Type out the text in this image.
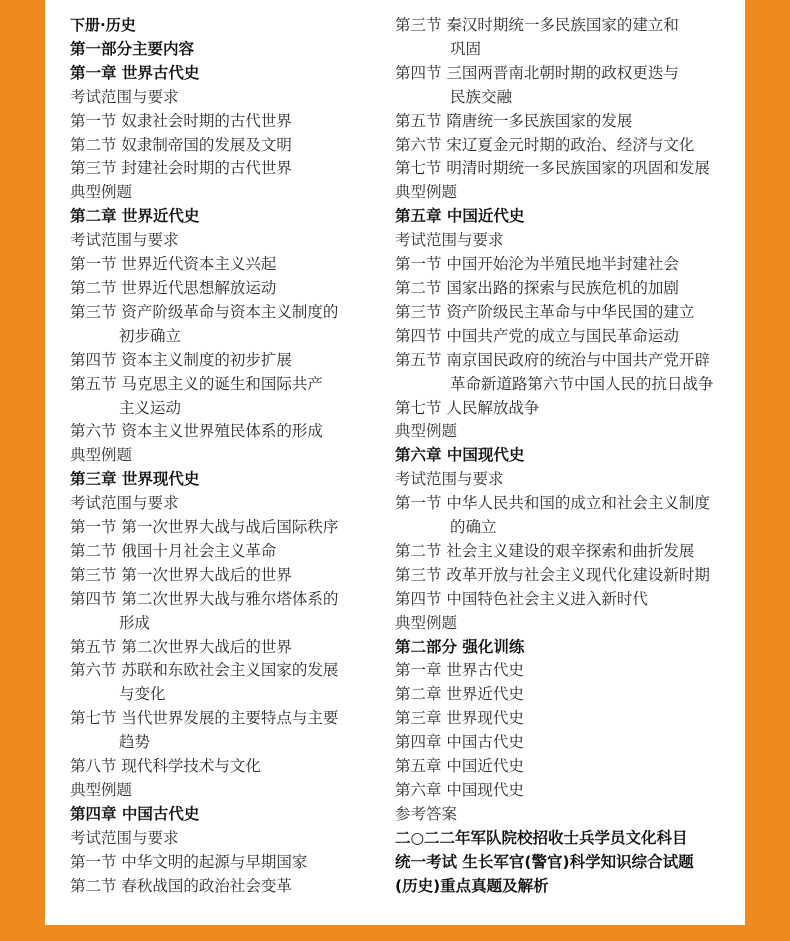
下册·历史
第一部分主要内容
第一章 世界古代史
考试范围与要求
第一节 奴隶社会时期的古代世界
第二节 奴隶制帝国的发展及文明
第三节 封建社会时期的古代世界
典型例题
第二章 世界近代史
考试范围与要求
第一节 世界近代资本主义兴起
第二节 世界近代思想解放运动
第三节 资产阶级革命与资本主义制度的
初步确立
第四节 资本主义制度的初步扩展
第五节 马克思主义的诞生和国际共产
主义运动
第六节 资本主义世界殖民体系的形成
典型例题
第三章 世界现代史
考试范围与要求
第一节 第一次世界大战与战后国际秩序
第二节 俄国十月社会主义革命
第三节 第一次世界大战后的世界
第四节 第二次世界大战与雅尔塔体系的
形成
第五节 第二次世界大战后的世界
第六节 苏联和东欧社会主义国家的发展
与变化
第七节 当代世界发展的主要特点与主要
趋势
第八节 现代科学技术与文化
典型例题
第四章 中国古代史
考试范围与要求
第一节 中华文明的起源与早期国家
第二节 春秋战国的政治社会变革
第三节 秦汉时期统一多民族国家的建立和
巩固
第四节 三国两晋南北朝时期的政权更迭与
民族交融
第五节 隋唐统一多民族国家的发展
第六节 宋辽夏金元时期的政治、经济与文化
第七节 明清时期统一多民族国家的巩固和发展
典型例题
第五章 中国近代史
考试范围与要求
第一节 中国开始沦为半殖民地半封建社会
第二节 国家出路的探索与民族危机的加剧
第三节 资产阶级民主革命与中华民国的建立
第四节 中国共产党的成立与国民革命运动
第五节 南京国民政府的统治与中国共产党开辟
革命新道路第六节中国人民的抗日战争
第七节 人民解放战争
典型例题
第六章 中国现代史
考试范围与要求
第一节 中华人民共和国的成立和社会主义制度
的确立
第二节 社会主义建设的艰辛探索和曲折发展
第三节 改革开放与社会主义现代化建设新时期
第四节 中国特色社会主义进入新时代
典型例题
第二部分 强化训练
第一章 世界古代史
第二章 世界近代史
第三章 世界现代史
第四章 中国古代史
第五章 中国近代史
第六章 中国现代史
参考答案
二○二二年军队院校招收士兵学员文化科目
统一考试 生长军官(警官)科学知识综合试题
(历史)重点真题及解析
